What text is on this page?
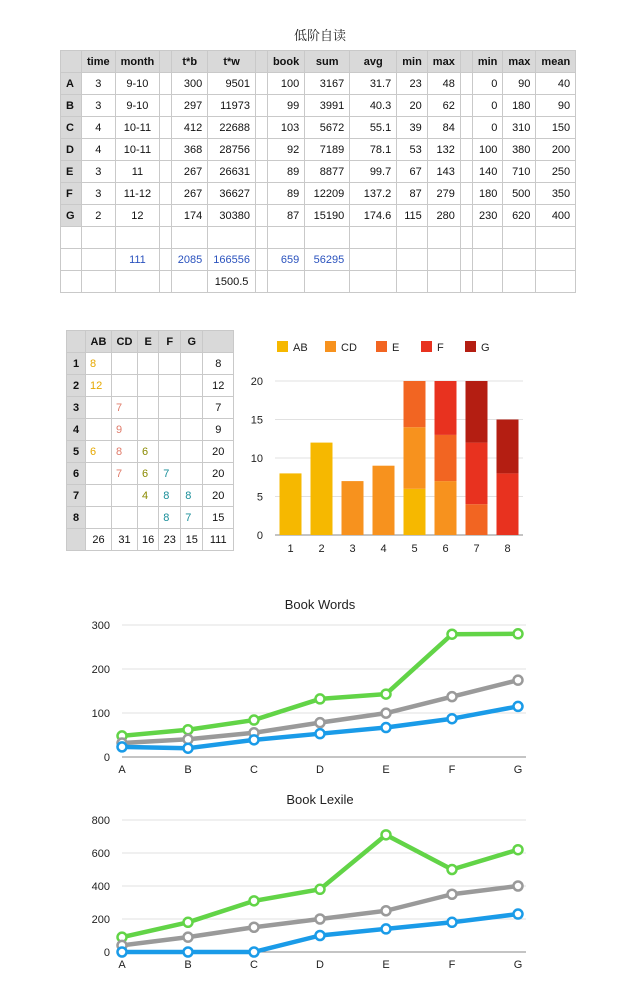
低阶自读
	time	month		t*b	t*w		book	sum	avg	min	max		min	max	mean
A	3	9-10		300	9501		100	3167	31.7	23	48		0	90	40
B	3	9-10		297	11973		99	3991	40.3	20	62		0	180	90
C	4	10-11		412	22688		103	5672	55.1	39	84		0	310	150
D	4	10-11		368	28756		92	7189	78.1	53	132		100	380	200
E	3	11		267	26631		89	8877	99.7	67	143		140	710	250
F	3	11-12		267	36627		89	12209	137.2	87	279		180	500	350
G	2	12		174	30380		87	15190	174.6	115	280		230	620	400

		111		2085	166556		659	56295							
					1500.5										
	AB	CD	E	F	G	
1	8					8
2	12					12
3		7				7
4		9				9
5	6	8	6			20
6		7	6	7		20
7			4	8	8	20
8				8	7	15
	26	31	16	23	15	111
AB	CD	E	F	G
0
5
10
15
20
1 2 3 4 5 6 7 8
Book Words
0
100
200
300
A	B	C	D	E	F	G
Book Lexile
0
200
400
600
800
A	B	C	D	E	F	G
